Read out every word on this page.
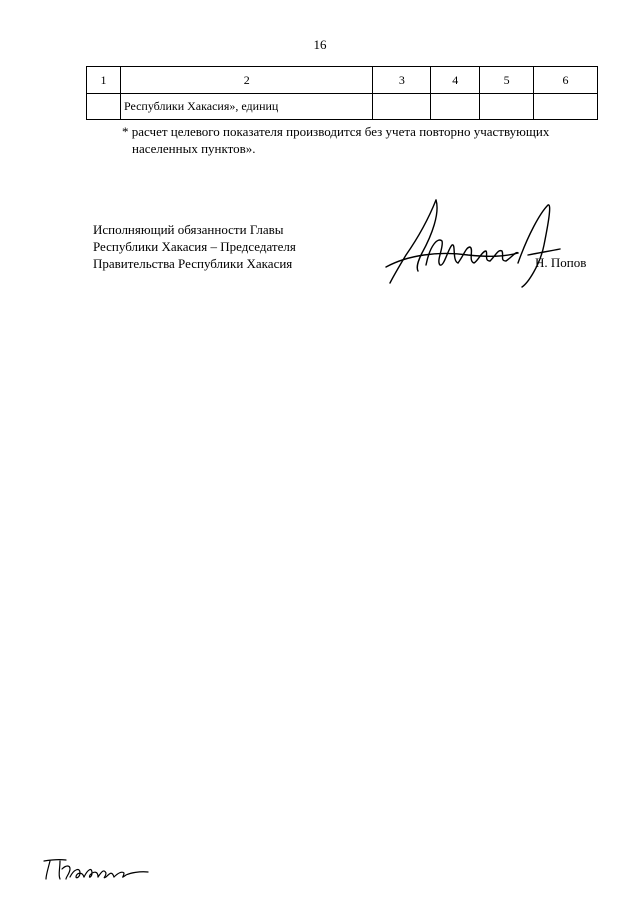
16
1	2	3	4	5	6
	Республики Хакасия», единиц				
* расчет целевого показателя производится без учета повторно участвующих
населенных пунктов».
Исполняющий обязанности Главы
Республики Хакасия – Председателя
Правительства Республики Хакасия	Н. Попов
